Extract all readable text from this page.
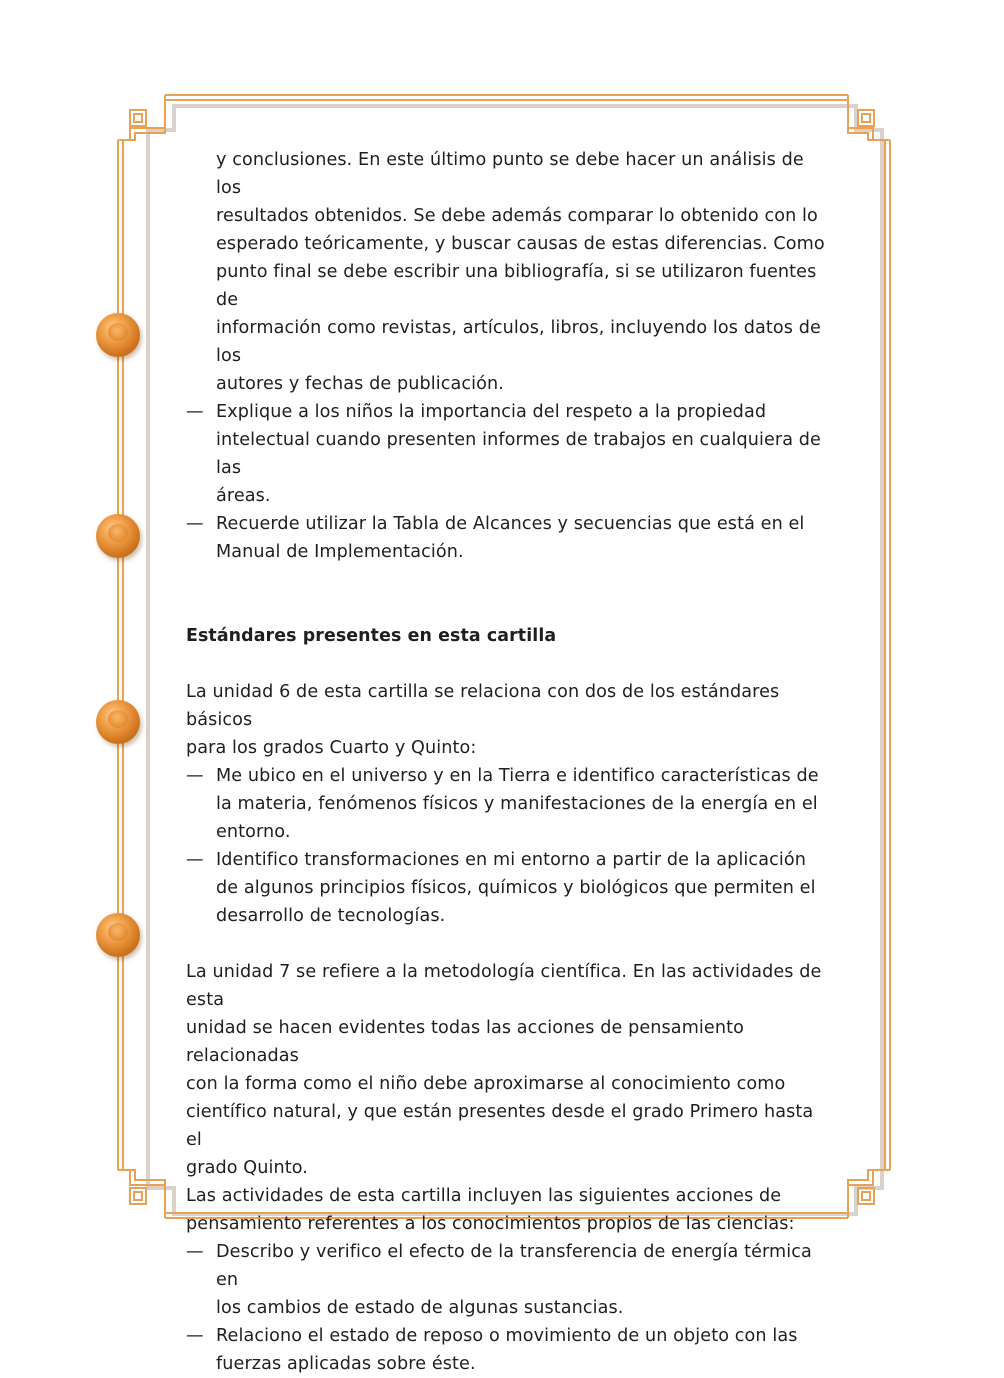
y conclusiones. En este último punto se debe hacer un análisis de los

resultados obtenidos. Se debe además comparar lo obtenido con lo

esperado teóricamente, y buscar causas de estas diferencias. Como

punto final se debe escribir una bibliografía, si se utilizaron fuentes de

información como revistas, artículos, libros, incluyendo los datos de los

autores y fechas de publicación.

— Explique a los niños la importancia del respeto a la propiedad

intelectual cuando presenten informes de trabajos en cualquiera de las

áreas.

— Recuerde utilizar la Tabla de Alcances y secuencias que está en el

Manual de Implementación.

Estándares presentes en esta cartilla

La unidad 6 de esta cartilla se relaciona con dos de los estándares básicos

para los grados Cuarto y Quinto:

— Me ubico en el universo y en la Tierra e identifico características de

la materia, fenómenos físicos y manifestaciones de la energía en el

entorno.

— Identifico transformaciones en mi entorno a partir de la aplicación

de algunos principios físicos, químicos y biológicos que permiten el

desarrollo de tecnologías.

La unidad 7 se refiere a la metodología científica. En las actividades de esta

unidad se hacen evidentes todas las acciones de pensamiento relacionadas

con la forma como el niño debe aproximarse al conocimiento como

científico natural, y que están presentes desde el grado Primero hasta el

grado Quinto.

Las actividades de esta cartilla incluyen las siguientes acciones de

pensamiento referentes a los conocimientos propios de las ciencias:

— Describo y verifico el efecto de la transferencia de energía térmica en

los cambios de estado de algunas sustancias.

— Relaciono el estado de reposo o movimiento de un objeto con las

fuerzas aplicadas sobre éste.
